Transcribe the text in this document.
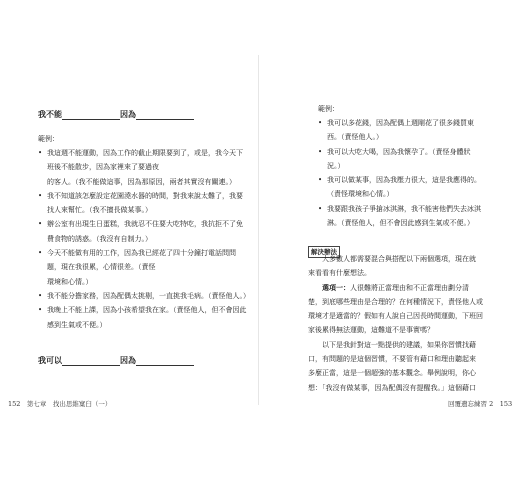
我不能	因為
範例：
• 我這週不能運動，因為工作的截止期限要到了，或是，我今天下班後不能散步，因為家裡來了要過夜
的客人。（我不能做這事，因為那原因，兩者其實沒有關連。）
• 我不知道該怎麼設定花園澆水器的時間，對我來說太難了，我要找人來幫忙。（我不擅長做某事。）
• 辦公室有出現生日蛋糕，我就忍不住要大吃特吃，我抗拒不了免費食物的誘惑。（我沒有自制力。）
• 今天不能做有用的工作，因為我已經花了四十分鐘打電話問問題，現在我很累，心情很差。（責怪
環境和心情。）
• 我不能分擔家務，因為配偶太挑剔，一直挑我毛病。（責怪他人。）
• 我晚上不能上課，因為小孩希望我在家。（責怪他人，但不會因此感到生氣或不便。）
我可以	因為
152　第七章　找出思維窠臼（一）
範例：
• 我可以多花錢，因為配偶上週剛花了很多錢買東
西。（責怪他人。）
• 我可以大吃大喝，因為我懷孕了。（責怪身體狀
況。）
• 我可以做某事，因為我壓力很大，這是我應得的。
（責怪環境和心情。）
• 我要跟我孩子爭搶冰淇淋，我不能害他們失去冰淇
淋。（責怪他人，但不會因此感到生氣或不便。）
解決辦法
大多數人都需要混合與搭配以下兩個選項，現在就
來看看有什麼想法。
選項一：人很難將正當理由和不正當理由劃分清
楚，到底哪些理由是合理的？在何種情況下，責怪他人或
環境才是適當的？假如有人說自己因長時間運動，下班回
家後累得無法運動，這難道不是事實嗎？
以下是我針對這一點提供的建議，如果你習慣找藉
口，有問題的是這個習慣，不要管有藉口和理由聽起來
多麼正當，這是一個超強的基本觀念。舉例說明，你心
想：「我沒有做某事，因為配偶沒有提醒我。」這個藉口
回覆遺忘練習 2　153
